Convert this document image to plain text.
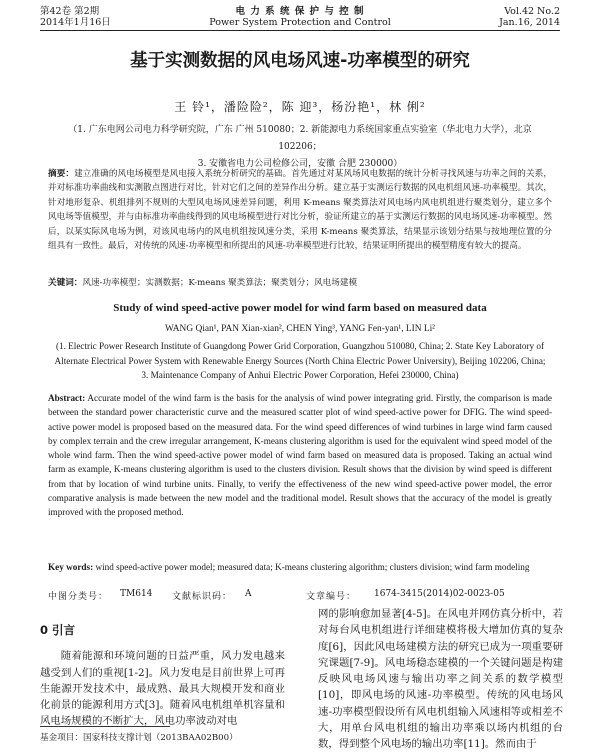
第42卷 第2期
2014年1月16日
电 力 系 统 保 护 与 控 制
Power System Protection and Control
Vol.42 No.2
Jan.16, 2014
基于实测数据的风电场风速-功率模型的研究
王 铃¹，潘险险²，陈 迎³，杨汾艳¹，林 俐²
（1. 广东电网公司电力科学研究院，广东 广州 510080；2. 新能源电力系统国家重点实验室（华北电力大学），北京 102206；
3. 安徽省电力公司检修公司，安徽 合肥 230000）
摘要：建立准确的风电场模型是风电接入系统分析研究的基础。首先通过对某风场风电数据的统计分析寻找风速与功率之间的关系，并对标准功率曲线和实测散点图进行对比，针对它们之间的差异作出分析。建立基于实测运行数据的风电机组风速-功率模型。其次，针对地形复杂、机组排列不规则的大型风电场风速差异问题，利用 K-means 聚类算法对风电场内风电机组进行聚类划分，建立多个风电场等值模型，并与由标准功率曲线得到的风电场模型进行对比分析，验证所建立的基于实测运行数据的风电场风速-功率模型。然后，以某实际风电场为例，对该风电场内的风电机组按风速分类，采用 K-means 聚类算法，结果显示该划分结果与按地理位置的分组具有一致性。最后，对传统的风速-功率模型和所提出的风速-功率模型进行比较，结果证明所提出的模型精度有较大的提高。
关键词：风速-功率模型；实测数据；K-means 聚类算法；聚类划分；风电场建模
Study of wind speed-active power model for wind farm based on measured data
WANG Qian¹, PAN Xian-xian², CHEN Ying³, YANG Fen-yan¹, LIN Li²
(1. Electric Power Research Institute of Guangdong Power Grid Corporation, Guangzhou 510080, China; 2. State Key Laboratory of
Alternate Electrical Power System with Renewable Energy Sources (North China Electric Power University), Beijing 102206, China;
3. Maintenance Company of Anhui Electric Power Corporation, Hefei 230000, China)
Abstract: Accurate model of the wind farm is the basis for the analysis of wind power integrating grid. Firstly, the comparison is made between the standard power characteristic curve and the measured scatter plot of wind speed-active power for DFIG. The wind speed-active power model is proposed based on the measured data. For the wind speed differences of wind turbines in large wind farm caused by complex terrain and the crew irregular arrangement, K-means clustering algorithm is used for the equivalent wind speed model of the whole wind farm. Then the wind speed-active power model of wind farm based on measured data is proposed. Taking an actual wind farm as example, K-means clustering algorithm is used to the clusters division. Result shows that the division by wind speed is different from that by location of wind turbine units. Finally, to verify the effectiveness of the new wind speed-active power model, the error comparative analysis is made between the new model and the traditional model. Result shows that the accuracy of the model is greatly improved with the proposed method.
Key words: wind speed-active power model; measured data; K-means clustering algorithm; clusters division; wind farm modeling
中图分类号： TM614 文献标识码： A	文章编号： 1674-3415(2014)02-0023-05
0 引言

随着能源和环境问题的日益严重，风力发电越来越受到人们的重视[1-2]。风力发电是目前世界上可再生能源开发技术中，最成熟、最具大规模开发和商业化前景的能源利用方式[3]。随着风电机组单机容量和风电场规模的不断扩大，风电功率波动对电

网的影响愈加显著[4-5]。在风电并网仿真分析中，若对每台风电机组进行详细建模将极大增加仿真的复杂度[6]，因此风电场建模方法的研究已成为一项重要研究课题[7-9]。风电场稳态建模的一个关键问题是构建反映风电场风速与输出功率之间关系的数学模型[10]，即风电场的风速-功率模型。传统的风电场风速-功率模型假设所有风电机组输入风速相等或相差不大，用单台风电机组的输出功率乘以场内机组的台数，得到整个风电场的输出功率[11]。然而由于

基金项目：国家科技支撑计划（2013BAA02B00）
